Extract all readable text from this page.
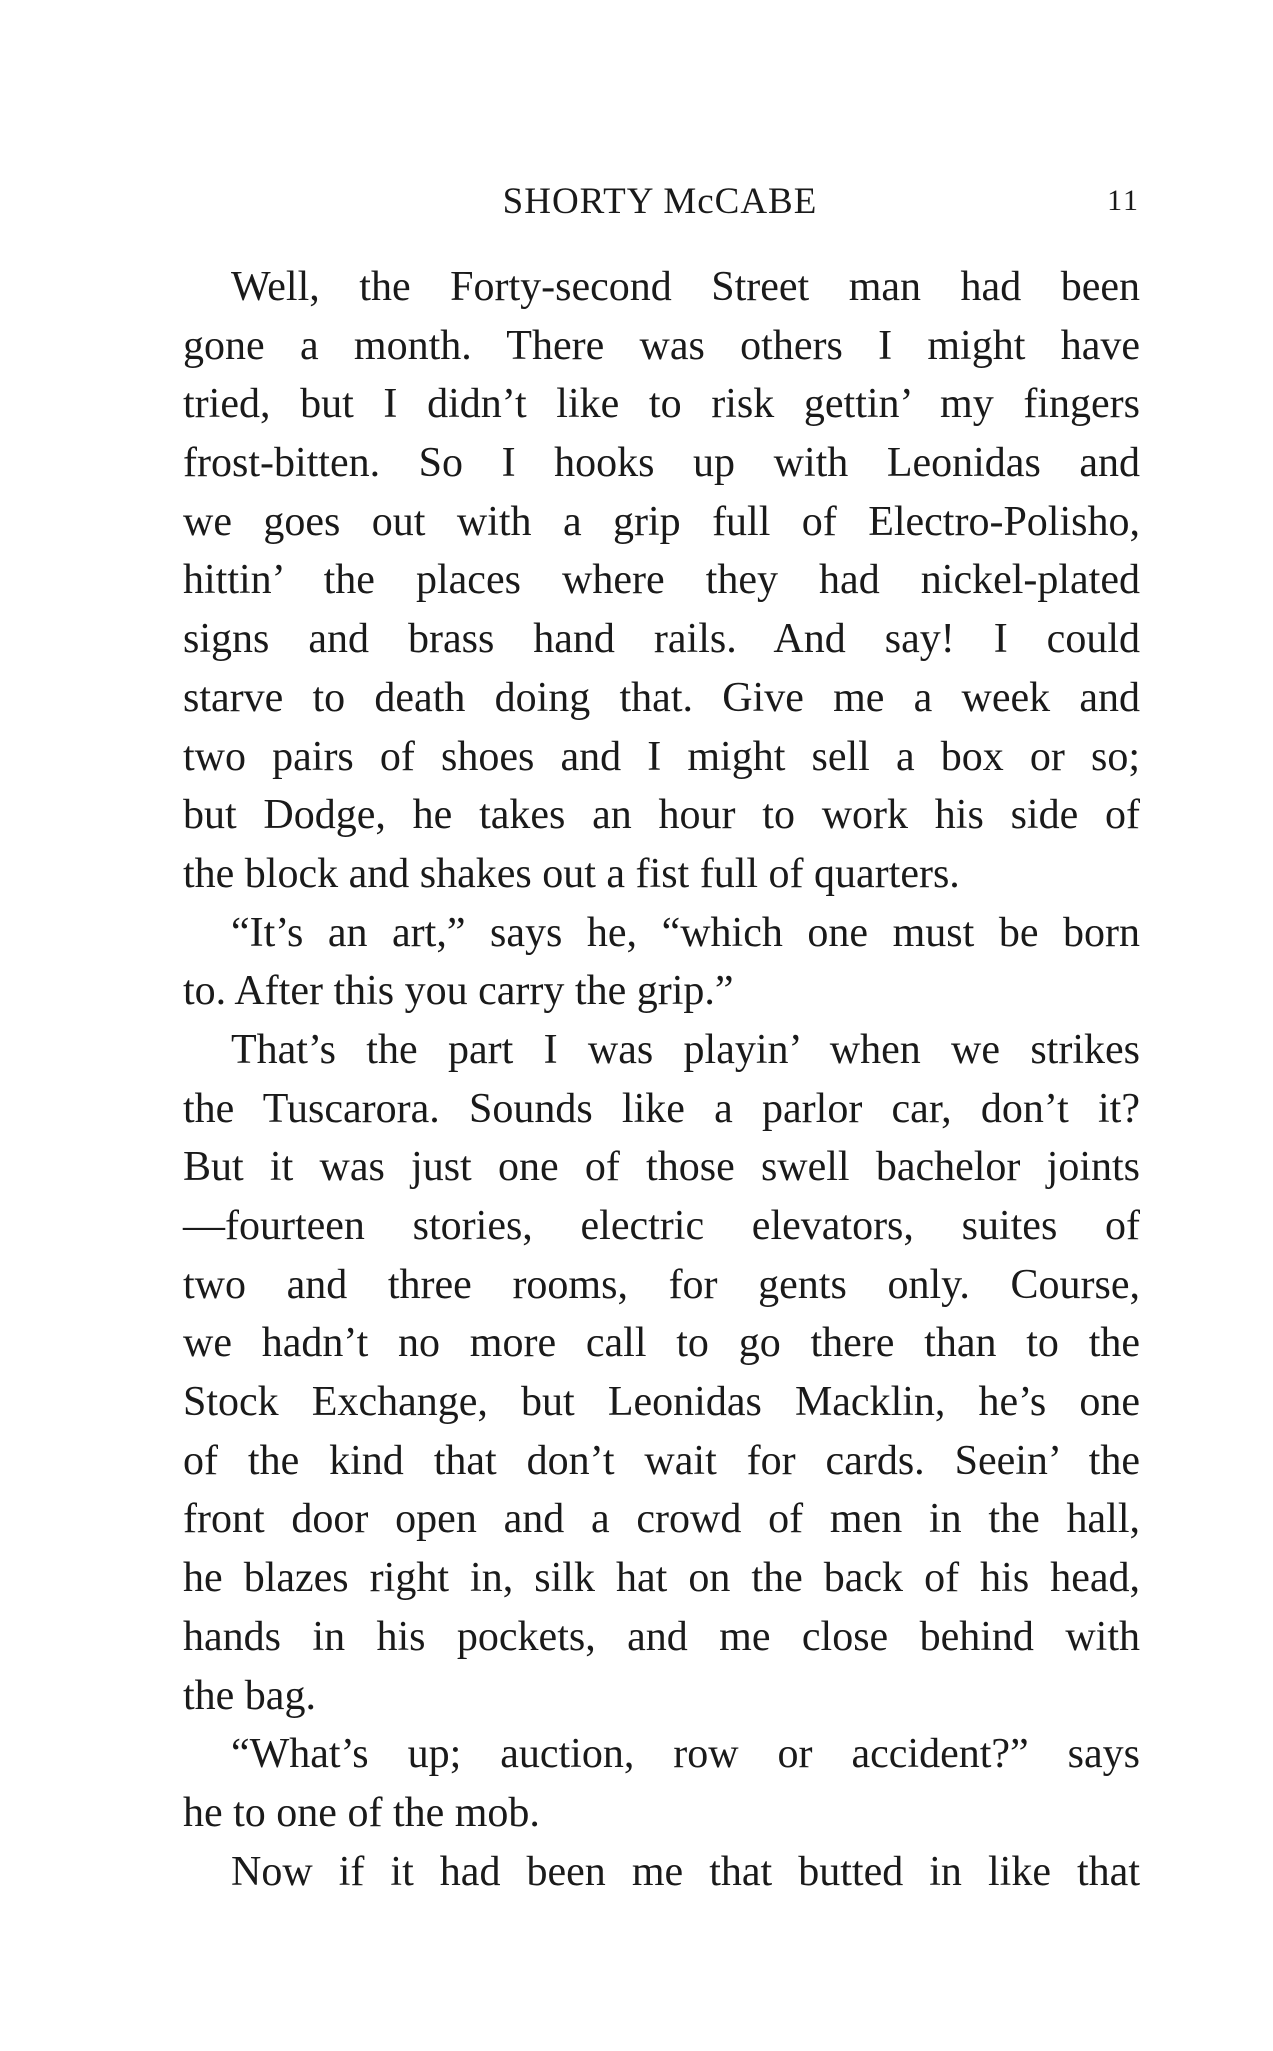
SHORTY McCABE	11
Well, the Forty-second Street man had been
gone a month. There was others I might have
tried, but I didn’t like to risk gettin’ my fingers
frost-bitten. So I hooks up with Leonidas and
we goes out with a grip full of Electro-Polisho,
hittin’ the places where they had nickel-plated
signs and brass hand rails. And say! I could
starve to death doing that. Give me a week and
two pairs of shoes and I might sell a box or so;
but Dodge, he takes an hour to work his side of
the block and shakes out a fist full of quarters.
“It’s an art,” says he, “which one must be born
to. After this you carry the grip.”
That’s the part I was playin’ when we strikes
the Tuscarora. Sounds like a parlor car, don’t it?
But it was just one of those swell bachelor joints
—fourteen stories, electric elevators, suites of
two and three rooms, for gents only. Course,
we hadn’t no more call to go there than to the
Stock Exchange, but Leonidas Macklin, he’s one
of the kind that don’t wait for cards. Seein’ the
front door open and a crowd of men in the hall,
he blazes right in, silk hat on the back of his head,
hands in his pockets, and me close behind with
the bag.
“What’s up; auction, row or accident?” says
he to one of the mob.
Now if it had been me that butted in like that
